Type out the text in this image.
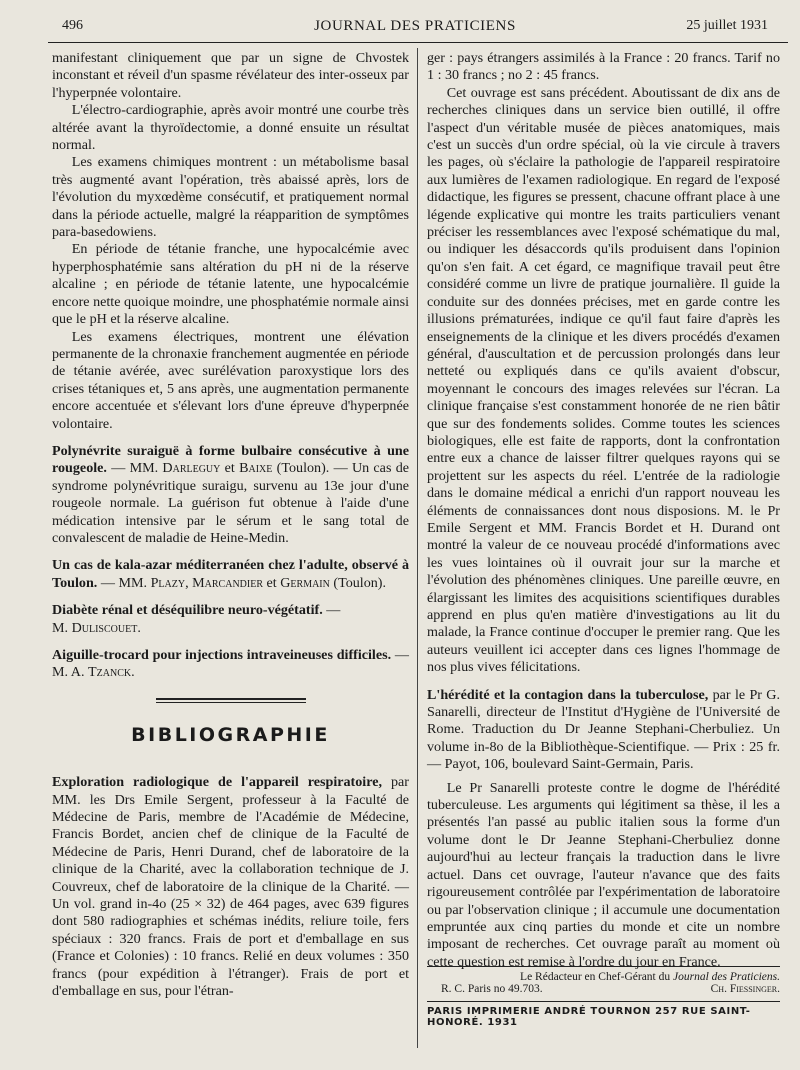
496	JOURNAL DES PRATICIENS	25 juillet 1931

manifestant cliniquement que par un signe de Chvostek inconstant et réveil d'un spasme révélateur des inter-osseux par l'hyperpnée volontaire.

L'électro-cardiographie, après avoir montré une courbe très altérée avant la thyroïdectomie, a donné ensuite un résultat normal.

Les examens chimiques montrent : un métabolisme basal très augmenté avant l'opération, très abaissé après, lors de l'évolution du myxœdème consécutif, et pratiquement normal dans la période actuelle, malgré la réapparition de symptômes para-basedowiens.

En période de tétanie franche, une hypocalcémie avec hyperphosphatémie sans altération du pH ni de la réserve alcaline ; en période de tétanie latente, une hypocalcémie encore nette quoique moindre, une phosphatémie normale ainsi que le pH et la réserve alcaline.

Les examens électriques, montrent une élévation permanente de la chronaxie franchement augmentée en période de tétanie avérée, avec surélévation paroxystique lors des crises tétaniques et, 5 ans après, une augmentation permanente encore accentuée et s'élevant lors d'une épreuve d'hyperpnée volontaire.

Polynévrite suraiguë à forme bulbaire consécutive à une rougeole. — MM. Darleguy et Baixe (Toulon). — Un cas de syndrome polynévritique suraigu, survenu au 13e jour d'une rougeole normale. La guérison fut obtenue à l'aide d'une médication intensive par le sérum et le sang total de convalescent de maladie de Heine-Medin.

Un cas de kala-azar méditerranéen chez l'adulte, observé à Toulon. — MM. Plazy, Marcandier et Germain (Toulon).

Diabète rénal et déséquilibre neuro-végétatif. —
M. Duliscouet.

Aiguille-trocard pour injections intraveineuses difficiles. — M. A. Tzanck.

BIBLIOGRAPHIE

Exploration radiologique de l'appareil respiratoire, par MM. les Drs Emile Sergent, professeur à la Faculté de Médecine de Paris, membre de l'Académie de Médecine, Francis Bordet, ancien chef de clinique de la Faculté de Médecine de Paris, Henri Durand, chef de laboratoire de la clinique de la Charité, avec la collaboration technique de J. Couvreux, chef de laboratoire de la clinique de la Charité. — Un vol. grand in-4o (25 × 32) de 464 pages, avec 639 figures dont 580 radiographies et schémas inédits, reliure toile, fers spéciaux : 320 francs. Frais de port et d'emballage en sus (France et Colonies) : 10 francs. Relié en deux volumes : 350 francs (pour expédition à l'étranger). Frais de port et d'emballage en sus, pour l'étran-

ger : pays étrangers assimilés à la France : 20 francs. Tarif no 1 : 30 francs ; no 2 : 45 francs.

Cet ouvrage est sans précédent. Aboutissant de dix ans de recherches cliniques dans un service bien outillé, il offre l'aspect d'un véritable musée de pièces anatomiques, mais c'est un succès d'un ordre spécial, où la vie circule à travers les pages, où s'éclaire la pathologie de l'appareil respiratoire aux lumières de l'examen radiologique. En regard de l'exposé didactique, les figures se pressent, chacune offrant place à une légende explicative qui montre les traits particuliers venant préciser les ressemblances avec l'exposé schématique du mal, ou indiquer les désaccords qu'ils produisent dans l'opinion qu'on s'en fait. A cet égard, ce magnifique travail peut être considéré comme un livre de pratique journalière. Il guide la conduite sur des données précises, met en garde contre les illusions prématurées, indique ce qu'il faut faire d'après les enseignements de la clinique et les divers procédés d'examen général, d'auscultation et de percussion prolongés dans leur netteté ou expliqués dans ce qu'ils avaient d'obscur, moyennant le concours des images relevées sur l'écran. La clinique française s'est constamment honorée de ne rien bâtir que sur des fondements solides. Comme toutes les sciences biologiques, elle est faite de rapports, dont la confrontation entre eux a chance de laisser filtrer quelques rayons qui se projettent sur les aspects du réel. L'entrée de la radiologie dans le domaine médical a enrichi d'un rapport nouveau les éléments de connaissances dont nous disposions. M. le Pr Emile Sergent et MM. Francis Bordet et H. Durand ont montré la valeur de ce nouveau procédé d'informations avec les vues lointaines où il ouvrait jour sur la marche et l'évolution des phénomènes cliniques. Une pareille œuvre, en élargissant les limites des acquisitions scientifiques durables apprend en plus qu'en matière d'investigations au lit du malade, la France continue d'occuper le premier rang. Que les auteurs veuillent ici accepter dans ces lignes l'hommage de nos plus vives félicitations.

L'hérédité et la contagion dans la tuberculose, par le Pr G. Sanarelli, directeur de l'Institut d'Hygiène de l'Université de Rome. Traduction du Dr Jeanne Stephani-Cherbuliez. Un volume in-8o de la Bibliothèque-Scientifique. — Prix : 25 fr. — Payot, 106, boulevard Saint-Germain, Paris.

Le Pr Sanarelli proteste contre le dogme de l'hérédité tuberculeuse. Les arguments qui légitiment sa thèse, il les a présentés l'an passé au public italien sous la forme d'un volume dont le Dr Jeanne Stephani-Cherbuliez donne aujourd'hui au lecteur français la traduction dans le livre actuel. Dans cet ouvrage, l'auteur n'avance que des faits rigoureusement contrôlée par l'expérimentation de laboratoire ou par l'observation clinique ; il accumule une documentation empruntée aux cinq parties du monde et cite un nombre imposant de recherches. Cet ouvrage paraît au moment où cette question est remise à l'ordre du jour en France.

Le Rédacteur en Chef-Gérant du Journal des Praticiens.
R. C. Paris no 49.703.	Ch. Fiessinger.
PARIS IMPRIMERIE ANDRÉ TOURNON 257 RUE SAINT-HONORÉ. 1931
